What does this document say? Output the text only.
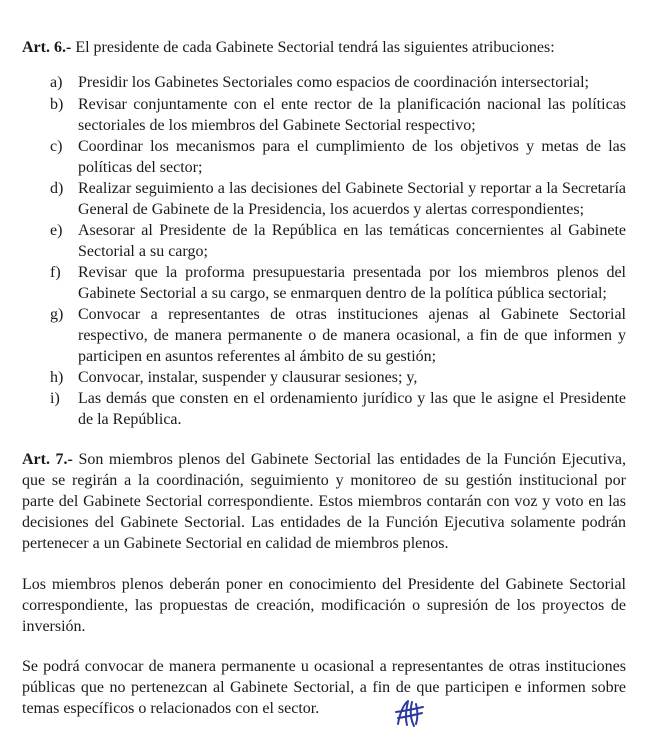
Art. 6.- El presidente de cada Gabinete Sectorial tendrá las siguientes atribuciones:
a) Presidir los Gabinetes Sectoriales como espacios de coordinación intersectorial;
b) Revisar conjuntamente con el ente rector de la planificación nacional las políticas
sectoriales de los miembros del Gabinete Sectorial respectivo;
c) Coordinar los mecanismos para el cumplimiento de los objetivos y metas de las
políticas del sector;
d) Realizar seguimiento a las decisiones del Gabinete Sectorial y reportar a la Secretaría
General de Gabinete de la Presidencia, los acuerdos y alertas correspondientes;
e) Asesorar al Presidente de la República en las temáticas concernientes al Gabinete
Sectorial a su cargo;
f) Revisar que la proforma presupuestaria presentada por los miembros plenos del
Gabinete Sectorial a su cargo, se enmarquen dentro de la política pública sectorial;
g) Convocar a representantes de otras instituciones ajenas al Gabinete Sectorial
respectivo, de manera permanente o de manera ocasional, a fin de que informen y
participen en asuntos referentes al ámbito de su gestión;
h) Convocar, instalar, suspender y clausurar sesiones; y,
i) Las demás que consten en el ordenamiento jurídico y las que le asigne el Presidente
de la República.
Art. 7.- Son miembros plenos del Gabinete Sectorial las entidades de la Función Ejecutiva,
que se regirán a la coordinación, seguimiento y monitoreo de su gestión institucional por
parte del Gabinete Sectorial correspondiente. Estos miembros contarán con voz y voto en las
decisiones del Gabinete Sectorial. Las entidades de la Función Ejecutiva solamente podrán
pertenecer a un Gabinete Sectorial en calidad de miembros plenos.
Los miembros plenos deberán poner en conocimiento del Presidente del Gabinete Sectorial
correspondiente, las propuestas de creación, modificación o supresión de los proyectos de
inversión.
Se podrá convocar de manera permanente u ocasional a representantes de otras instituciones
públicas que no pertenezcan al Gabinete Sectorial, a fin de que participen e informen sobre
temas específicos o relacionados con el sector.
